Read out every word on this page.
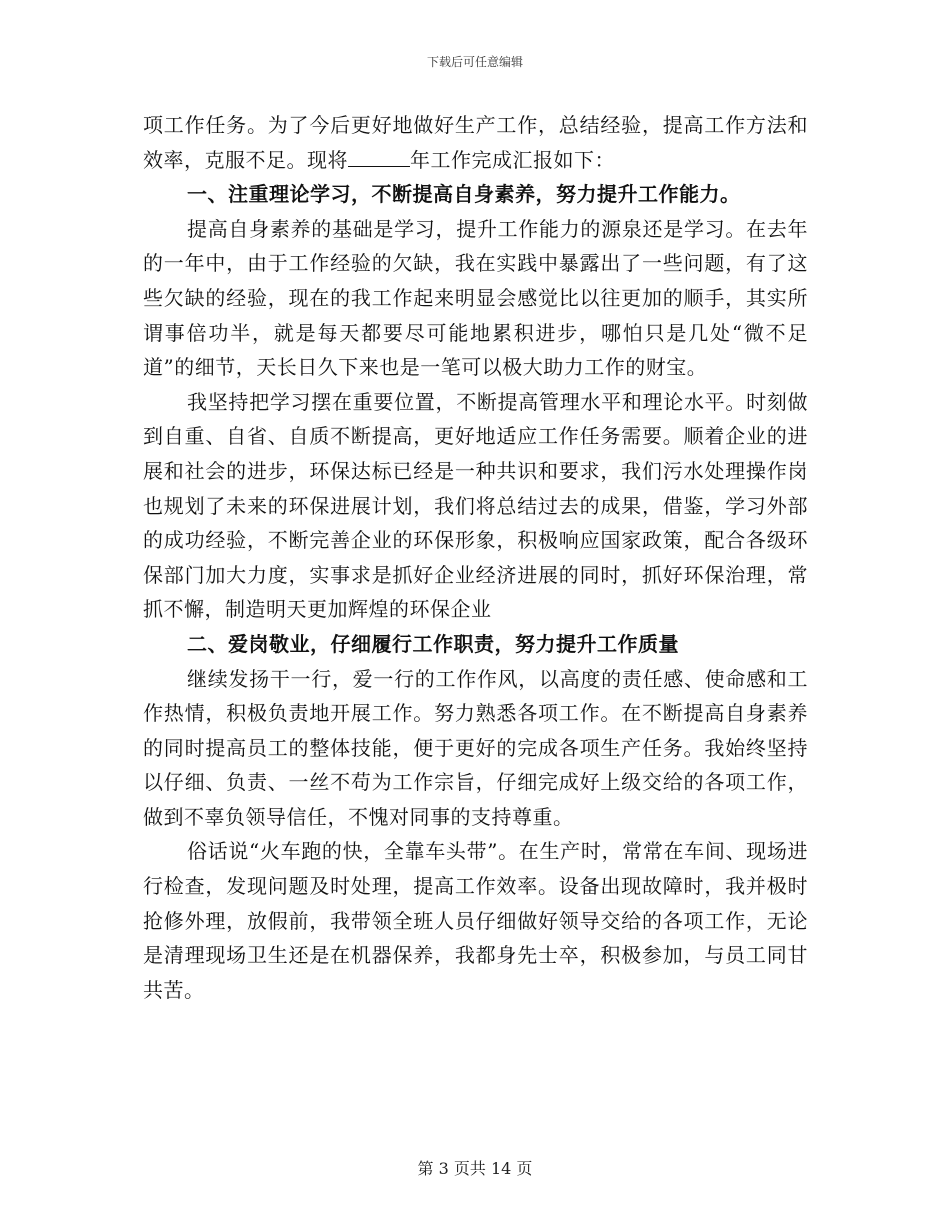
下载后可任意编辑

项工作任务。为了今后更好地做好生产工作，总结经验，提高工作方法和效率，克服不足。现将	年工作完成汇报如下：

一、注重理论学习，不断提高自身素养，努力提升工作能力。

提高自身素养的基础是学习，提升工作能力的源泉还是学习。在去年的一年中，由于工作经验的欠缺，我在实践中暴露出了一些问题，有了这些欠缺的经验，现在的我工作起来明显会感觉比以往更加的顺手，其实所谓事倍功半，就是每天都要尽可能地累积进步，哪怕只是几处“微不足道”的细节，天长日久下来也是一笔可以极大助力工作的财宝。

我坚持把学习摆在重要位置，不断提高管理水平和理论水平。时刻做到自重、自省、自质不断提高，更好地适应工作任务需要。顺着企业的进展和社会的进步，环保达标已经是一种共识和要求，我们污水处理操作岗也规划了未来的环保进展计划，我们将总结过去的成果，借鉴，学习外部的成功经验，不断完善企业的环保形象，积极响应国家政策，配合各级环保部门加大力度，实事求是抓好企业经济进展的同时，抓好环保治理，常抓不懈，制造明天更加辉煌的环保企业

二、爱岗敬业，仔细履行工作职责，努力提升工作质量

继续发扬干一行，爱一行的工作作风，以高度的责任感、使命感和工作热情，积极负责地开展工作。努力熟悉各项工作。在不断提高自身素养的同时提高员工的整体技能，便于更好的完成各项生产任务。我始终坚持以仔细、负责、一丝不苟为工作宗旨，仔细完成好上级交给的各项工作，做到不辜负领导信任，不愧对同事的支持尊重。

俗话说“火车跑的快，全靠车头带”。在生产时，常常在车间、现场进行检查，发现问题及时处理，提高工作效率。设备出现故障时，我并极时抢修外理，放假前，我带领全班人员仔细做好领导交给的各项工作，无论是清理现场卫生还是在机器保养，我都身先士卒，积极参加，与员工同甘共苦。

第 3 页共 14 页
